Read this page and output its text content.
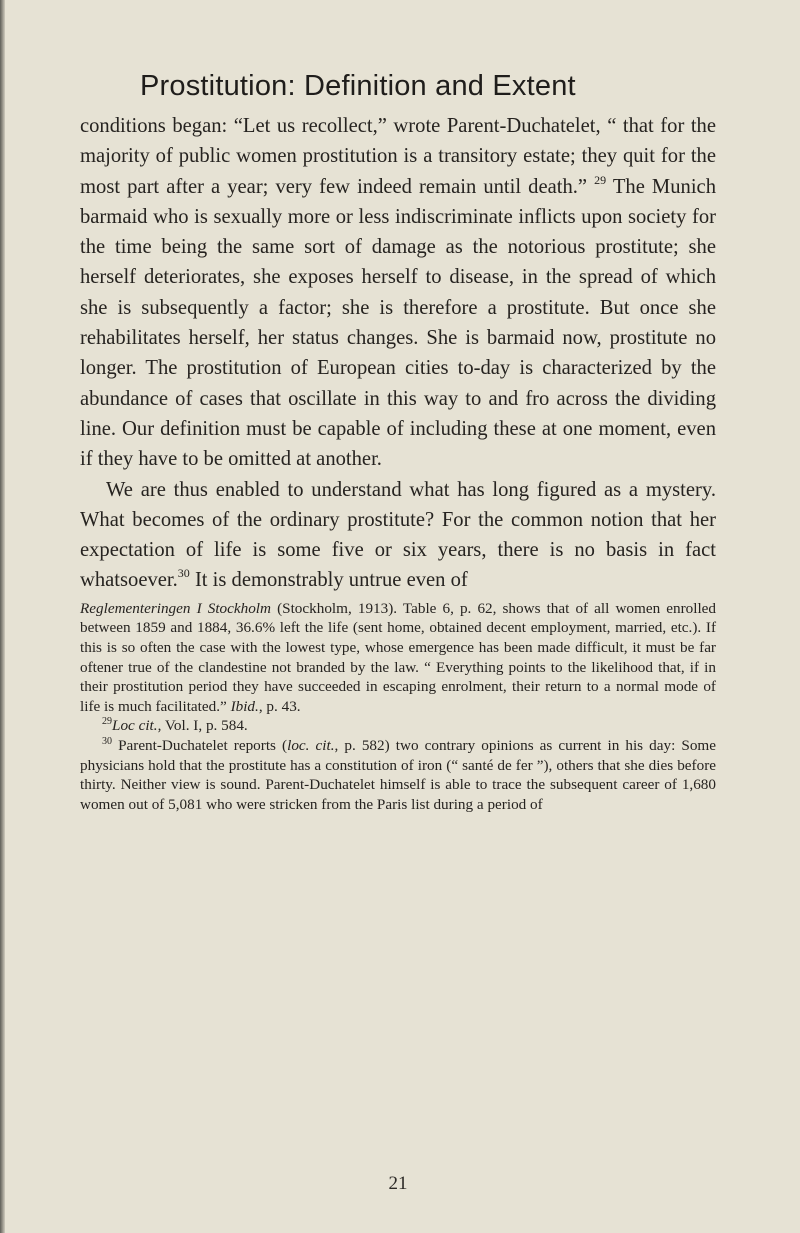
Prostitution: Definition and Extent

conditions began: “Let us recollect,” wrote Parent-Duchatelet, “ that for the majority of public women prostitution is a transitory estate; they quit for the most part after a year; very few indeed remain until death.” $^{29}$ The Munich barmaid who is sexually more or less indiscriminate inflicts upon society for the time being the same sort of damage as the notorious prostitute; she herself deteriorates, she exposes herself to disease, in the spread of which she is subsequently a factor; she is therefore a prostitute. But once she rehabilitates herself, her status changes. She is barmaid now, prostitute no longer. The prostitution of European cities to-day is characterized by the abundance of cases that oscillate in this way to and fro across the dividing line. Our definition must be capable of including these at one moment, even if they have to be omitted at another.

We are thus enabled to understand what has long figured as a mystery. What becomes of the ordinary prostitute? For the common notion that her expectation of life is some five or six years, there is no basis in fact whatsoever.$^{30}$ It is demonstrably untrue even of

Reglementeringen I Stockholm (Stockholm, 1913). Table 6, p. 62, shows that of all women enrolled between 1859 and 1884, 36.6% left the life (sent home, obtained decent employment, married, etc.). If this is so often the case with the lowest type, whose emergence has been made difficult, it must be far oftener true of the clandestine not branded by the law. “ Everything points to the likelihood that, if in their prostitution period they have succeeded in escaping enrolment, their return to a normal mode of life is much facilitated.” Ibid., p. 43.

$^{29}$Loc cit., Vol. I, p. 584.

$^{30}$ Parent-Duchatelet reports (loc. cit., p. 582) two contrary opinions as current in his day: Some physicians hold that the prostitute has a constitution of iron (“ santé de fer ”), others that she dies before thirty. Neither view is sound. Parent-Duchatelet himself is able to trace the subsequent career of 1,680 women out of 5,081 who were stricken from the Paris list during a period of

21
